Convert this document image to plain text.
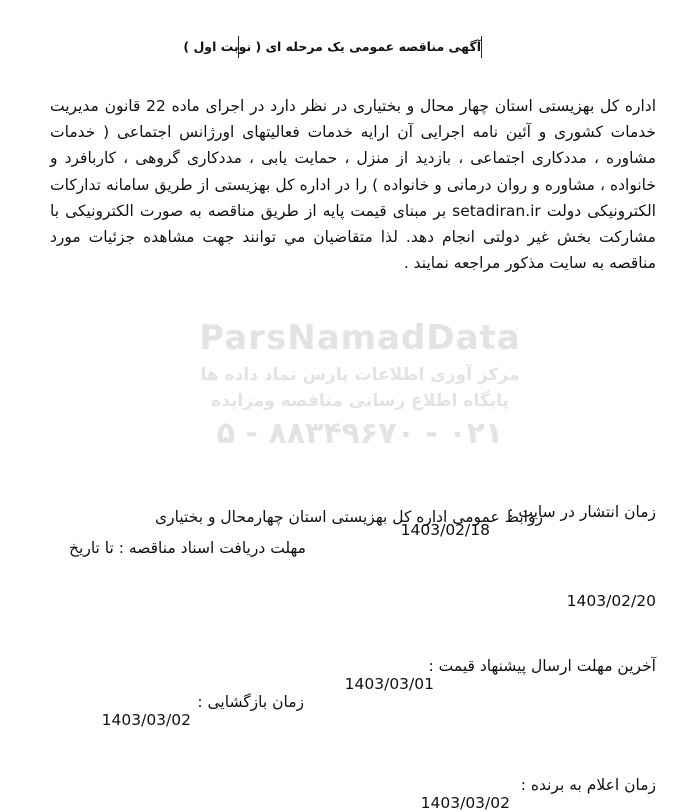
ParsNamadData
مرکز آوری اطلاعات پارس نماد داده ها
پایگاه اطلاع رسانی مناقصه ومزایده
۰۲۱ - ۸۸۳۴۹۶۷۰ - ۵
آگهی مناقصه عمومی یک مرحله ای ( نوبت اول )

اداره کل بهزیستی استان چهار محال و بختیاری در نظر دارد در اجرای ماده 22 قانون مدیریت خدمات کشوری و آئین نامه اجرایی آن ارایه خدمات فعالیتهای اورژانس اجتماعی ( خدمات مشاوره ، مددکاری اجتماعی ، بازدید از منزل ، حمایت یابی ، مددکاری گروهی ، کاربافرد و خانواده ، مشاوره و روان درمانی و خانواده ) را در اداره کل بهزیستی از طریق سامانه تدارکات الکترونیکی دولت setadiran.ir بر مبنای قیمت پایه از طریق مناقصه به صورت الکترونیکی با مشارکت بخش غیر دولتی انجام دهد. لذا متقاضیان مي توانند جهت مشاهده جزئیات مورد مناقصه به سایت مذکور مراجعه نمایند .

زمان انتشار در سایت :
1403/02/18
مهلت دریافت اسناد مناقصه : تا تاریخ
1403/02/20
آخرین مهلت ارسال پیشنهاد قیمت :
1403/03/01
زمان بازگشایی :
1403/03/02
زمان اعلام به برنده :
1403/03/02
روابط عمومی اداره کل بهزیستی استان چهارمحال و بختیاری
